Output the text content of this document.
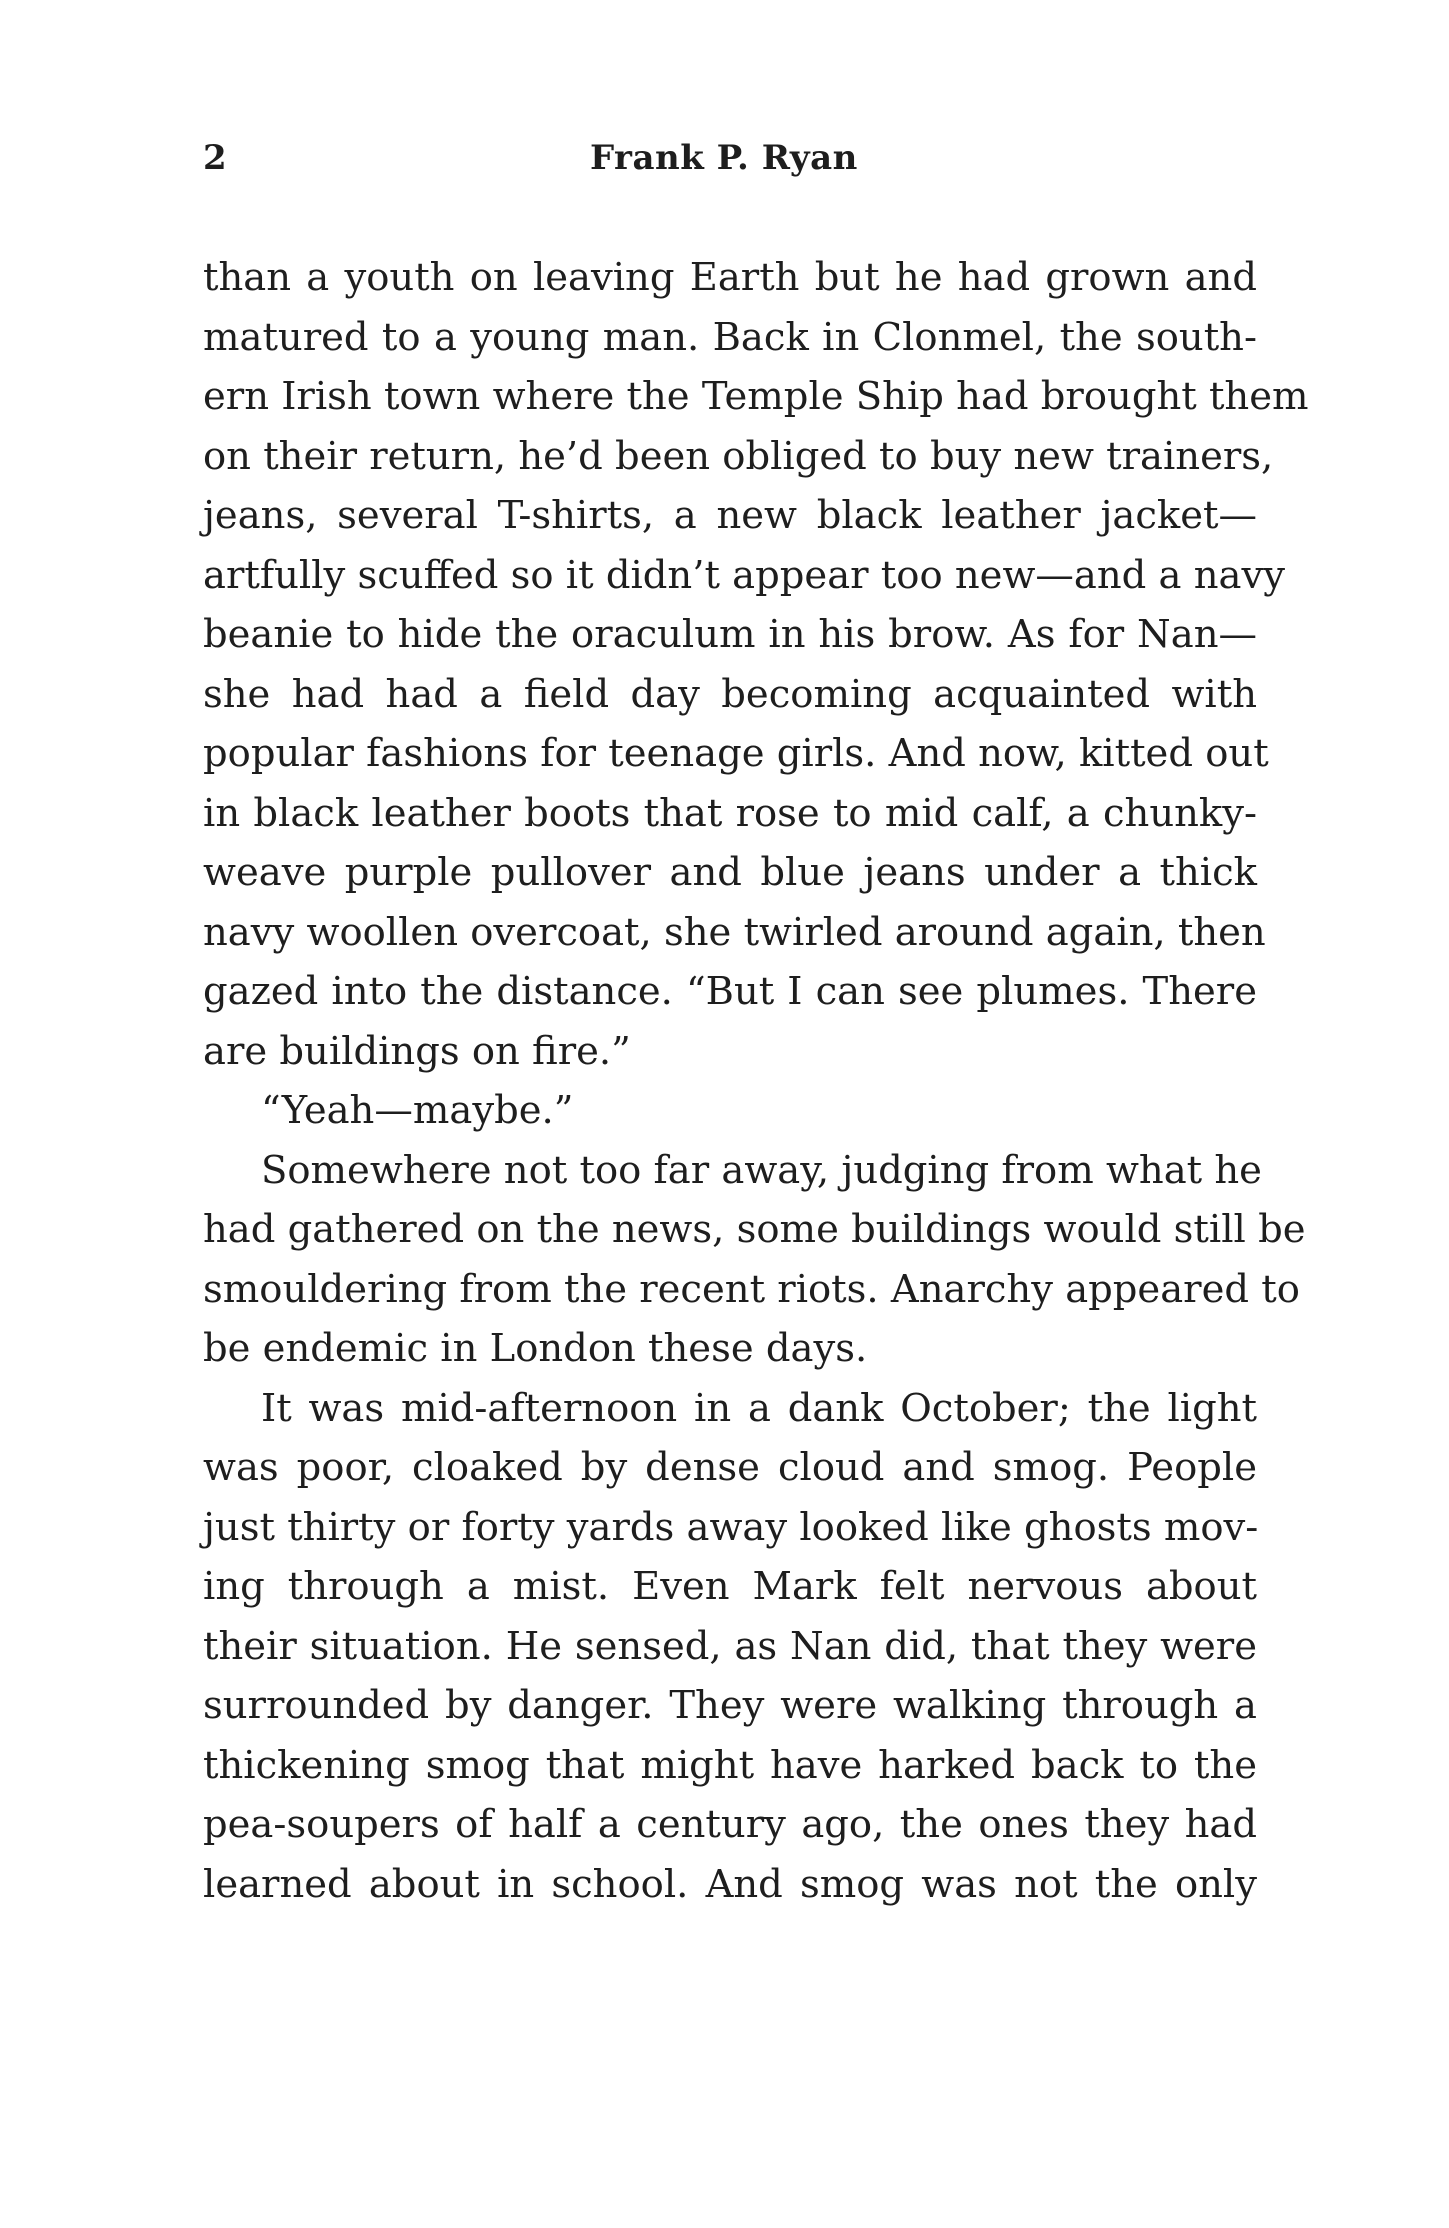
2	Frank P. Ryan
than a youth on leaving Earth but he had grown and
matured to a young man. Back in Clonmel, the south-
ern Irish town where the Temple Ship had brought them
on their return, he’d been obliged to buy new trainers,
jeans, several T-shirts, a new black leather jacket—
artfully scuffed so it didn’t appear too new—and a navy
beanie to hide the oraculum in his brow. As for Nan—
she had had a field day becoming acquainted with
popular fashions for teenage girls. And now, kitted out
in black leather boots that rose to mid calf, a chunky-
weave purple pullover and blue jeans under a thick
navy woollen overcoat, she twirled around again, then
gazed into the distance. “But I can see plumes. There
are buildings on fire.”
“Yeah—maybe.”
Somewhere not too far away, judging from what he
had gathered on the news, some buildings would still be
smouldering from the recent riots. Anarchy appeared to
be endemic in London these days.
It was mid-afternoon in a dank October; the light
was poor, cloaked by dense cloud and smog. People
just thirty or forty yards away looked like ghosts mov-
ing through a mist. Even Mark felt nervous about
their situation. He sensed, as Nan did, that they were
surrounded by danger. They were walking through a
thickening smog that might have harked back to the
pea-soupers of half a century ago, the ones they had
learned about in school. And smog was not the only
